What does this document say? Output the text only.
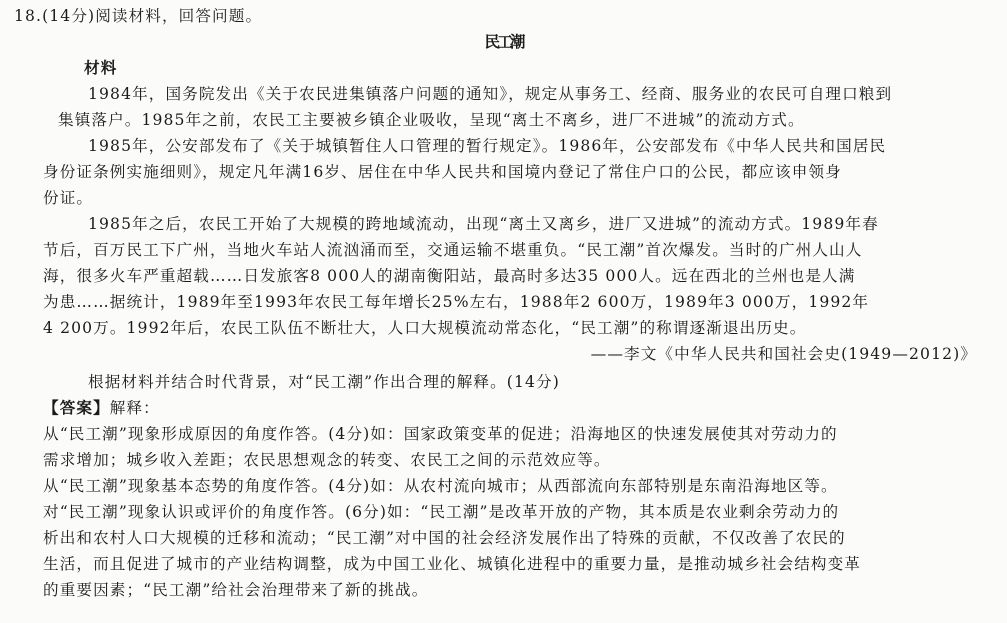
18.(14分)阅读材料，回答问题。
民工潮
材料
1984年，国务院发出《关于农民进集镇落户问题的通知》，规定从事务工、经商、服务业的农民可自理口粮到
集镇落户。1985年之前，农民工主要被乡镇企业吸收，呈现“离土不离乡，进厂不进城”的流动方式。
1985年，公安部发布了《关于城镇暂住人口管理的暂行规定》。1986年，公安部发布《中华人民共和国居民
身份证条例实施细则》，规定凡年满16岁、居住在中华人民共和国境内登记了常住户口的公民，都应该申领身
份证。
1985年之后，农民工开始了大规模的跨地域流动，出现“离土又离乡，进厂又进城”的流动方式。1989年春
节后，百万民工下广州，当地火车站人流汹涌而至，交通运输不堪重负。“民工潮”首次爆发。当时的广州人山人
海，很多火车严重超载……日发旅客8 000人的湖南衡阳站，最高时多达35 000人。远在西北的兰州也是人满
为患……据统计，1989年至1993年农民工每年增长25%左右，1988年2 600万，1989年3 000万，1992年
4 200万。1992年后，农民工队伍不断壮大，人口大规模流动常态化，“民工潮”的称谓逐渐退出历史。
——李文《中华人民共和国社会史(1949—2012)》
根据材料并结合时代背景，对“民工潮”作出合理的解释。(14分)
【答案】解释：
从“民工潮”现象形成原因的角度作答。(4分)如：国家政策变革的促进；沿海地区的快速发展使其对劳动力的
需求增加；城乡收入差距；农民思想观念的转变、农民工之间的示范效应等。
从“民工潮”现象基本态势的角度作答。(4分)如：从农村流向城市；从西部流向东部特别是东南沿海地区等。
对“民工潮”现象认识或评价的角度作答。(6分)如：“民工潮”是改革开放的产物，其本质是农业剩余劳动力的
析出和农村人口大规模的迁移和流动；“民工潮”对中国的社会经济发展作出了特殊的贡献，不仅改善了农民的
生活，而且促进了城市的产业结构调整，成为中国工业化、城镇化进程中的重要力量，是推动城乡社会结构变革
的重要因素；“民工潮”给社会治理带来了新的挑战。
